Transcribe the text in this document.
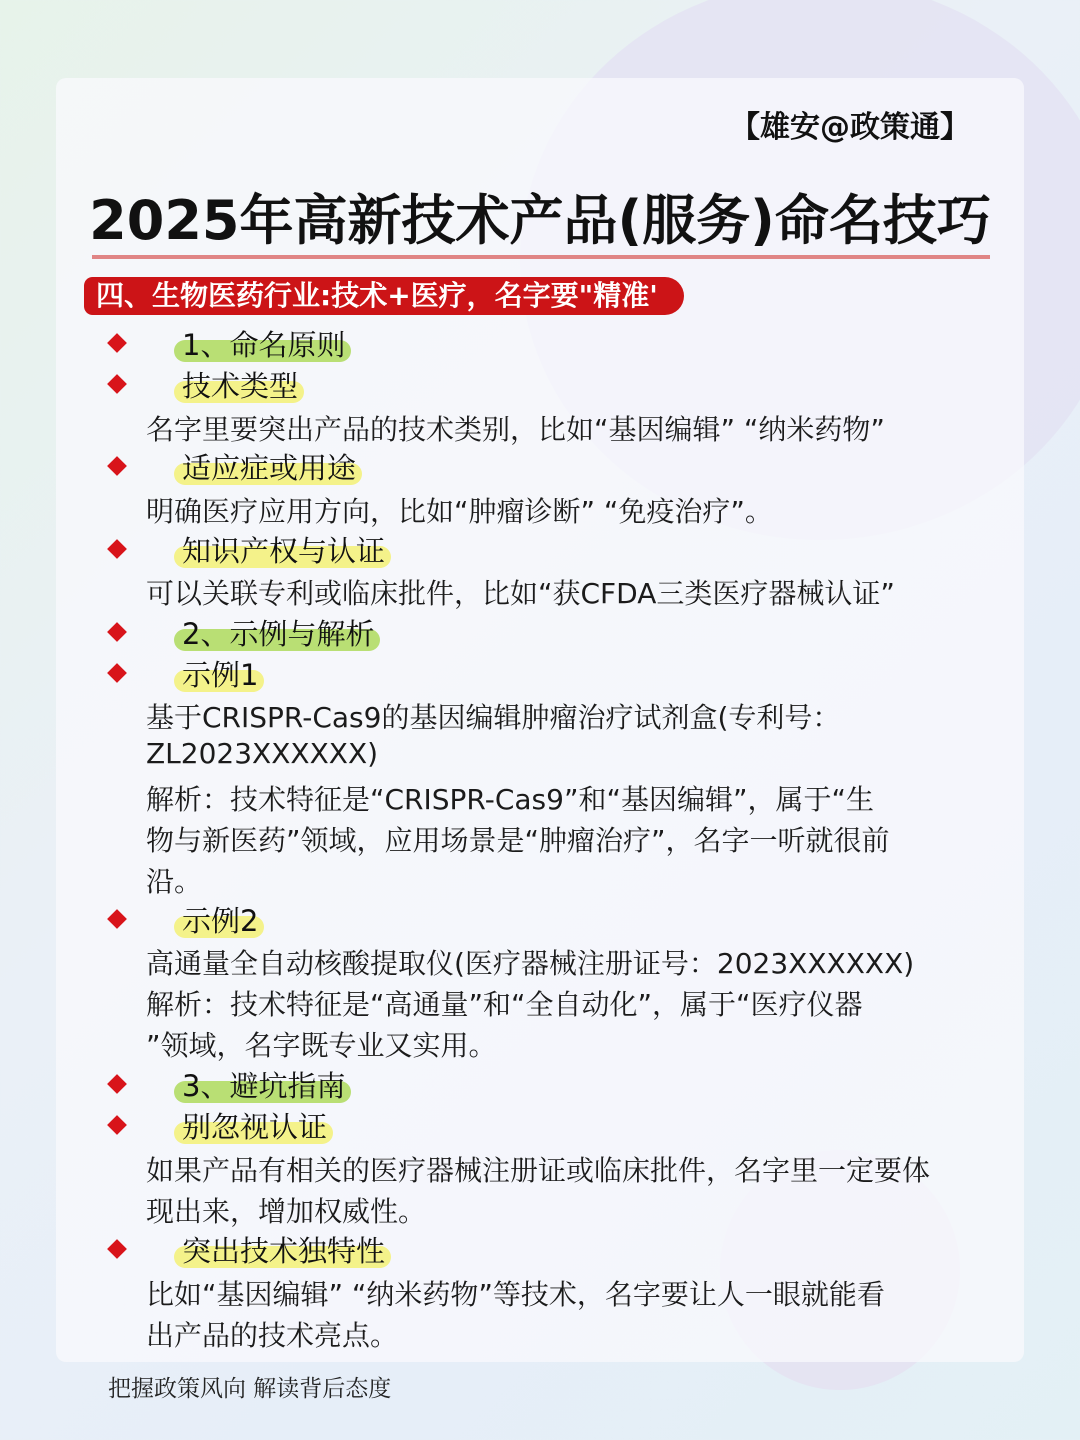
【雄安@政策通】
2025年高新技术产品(服务)命名技巧
四、生物医药行业:技术+医疗，名字要"精准'
1、命名原则
技术类型
名字里要突出产品的技术类别，比如“基因编辑” “纳米药物”
适应症或用途
明确医疗应用方向，比如“肿瘤诊断” “免疫治疗”。
知识产权与认证
可以关联专利或临床批件，比如“获CFDA三类医疗器械认证”
2、示例与解析
示例1
基于CRISPR-Cas9的基因编辑肿瘤治疗试剂盒(专利号：
ZL2023XXXXXX)
解析：技术特征是“CRISPR-Cas9”和“基因编辑”，属于“生
物与新医药”领域，应用场景是“肿瘤治疗”，名字一听就很前
沿。
示例2
高通量全自动核酸提取仪(医疗器械注册证号：2023XXXXXX)
解析：技术特征是“高通量”和“全自动化”，属于“医疗仪器
”领域，名字既专业又实用。
3、避坑指南
别忽视认证
如果产品有相关的医疗器械注册证或临床批件，名字里一定要体
现出来，增加权威性。
突出技术独特性
比如“基因编辑” “纳米药物”等技术，名字要让人一眼就能看
出产品的技术亮点。
把握政策风向 解读背后态度
